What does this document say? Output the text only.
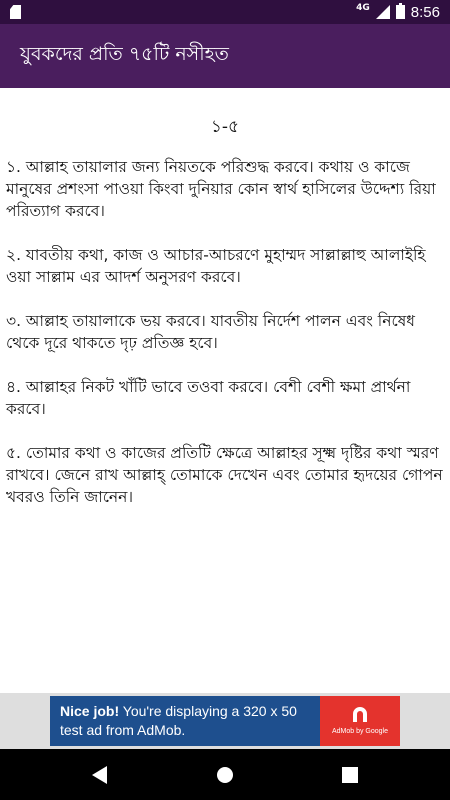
4G	8:56
যুবকদের প্রতি ৭৫টি নসীহত
১-৫

১. আল্লাহ তায়ালার জন্য নিয়তকে পরিশুদ্ধ করবে। কথায় ও কাজে মানুষের প্রশংসা পাওয়া কিংবা দুনিয়ার কোন স্বার্থ হাসিলের উদ্দেশ্য রিয়া পরিত্যাগ করবে।

২. যাবতীয় কথা, কাজ ও আচার-আচরণে মুহাম্মদ সাল্লাল্লাহু আলাইহি ওয়া সাল্লাম এর আদর্শ অনুসরণ করবে।

৩. আল্লাহ তায়ালাকে ভয় করবে। যাবতীয় নির্দেশ পালন এবং নিষেধ থেকে দূরে থাকতে দৃঢ় প্রতিজ্ঞ হবে।

৪. আল্লাহর নিকট খাঁটি ভাবে তওবা করবে। বেশী বেশী ক্ষমা প্রার্থনা করবে।

৫. তোমার কথা ও কাজের প্রতিটি ক্ষেত্রে আল্লাহর সূক্ষ্ম দৃষ্টির কথা স্মরণ রাখবে। জেনে রাখ আল্লাহ্ তোমাকে দেখেন এবং তোমার হৃদয়ের গোপন খবরও তিনি জানেন।

Nice job! You're displaying a 320 x 50 test ad from AdMob.	AdMob by Google
